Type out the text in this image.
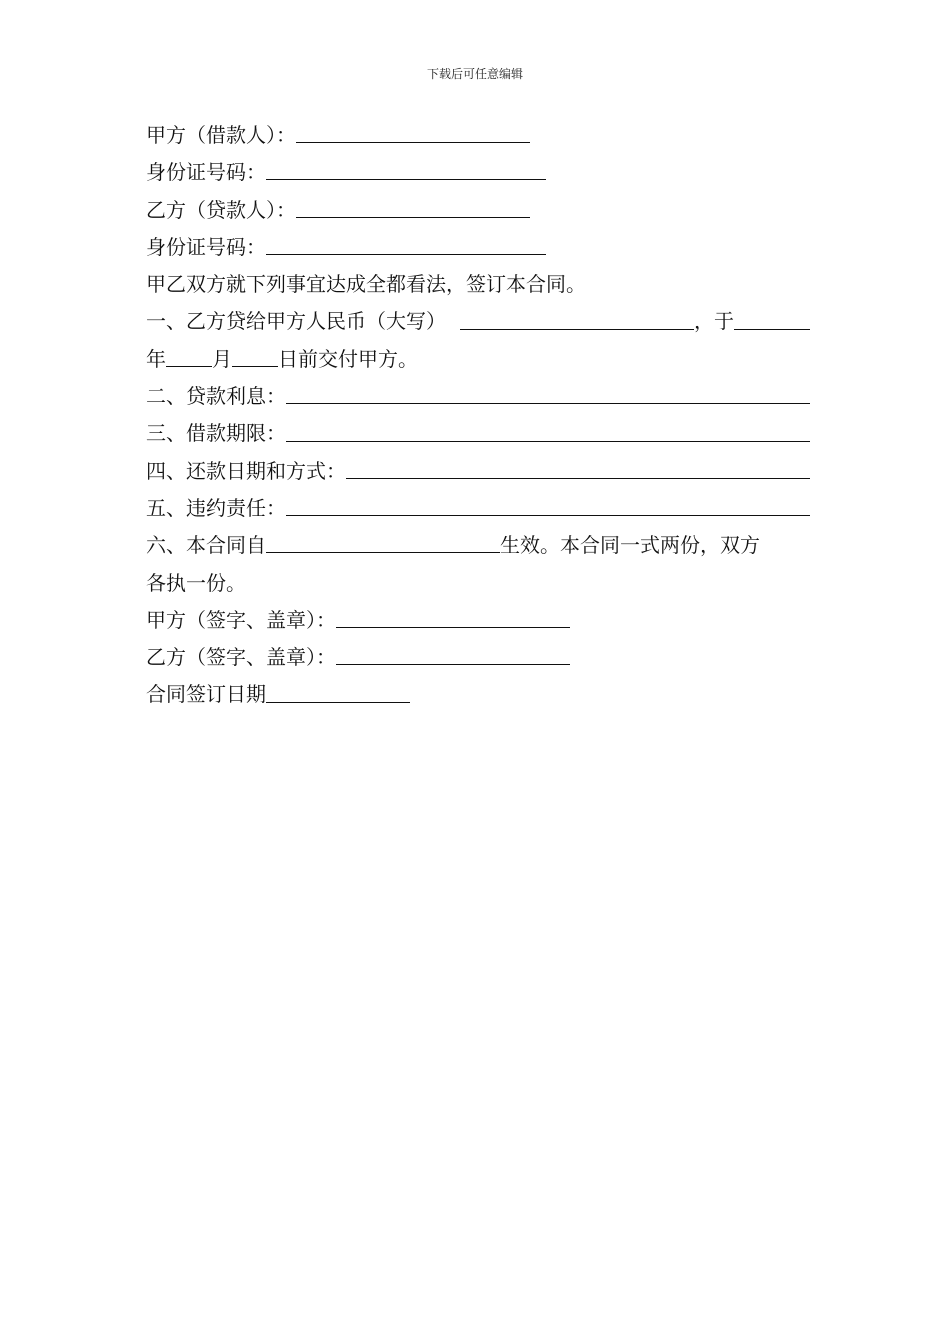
下载后可任意编辑
甲方（借款人）：
身份证号码：
乙方（贷款人）：
身份证号码：
甲乙双方就下列事宜达成全都看法，签订本合同。
一、乙方贷给甲方人民币（大写）	，于
年 月 日前交付甲方。
二、贷款利息：
三、借款期限：
四、还款日期和方式：
五、违约责任：
六、本合同自	生效。本合同一式两份，双方
各执一份。
甲方（签字、盖章）：
乙方（签字、盖章）：
合同签订日期
